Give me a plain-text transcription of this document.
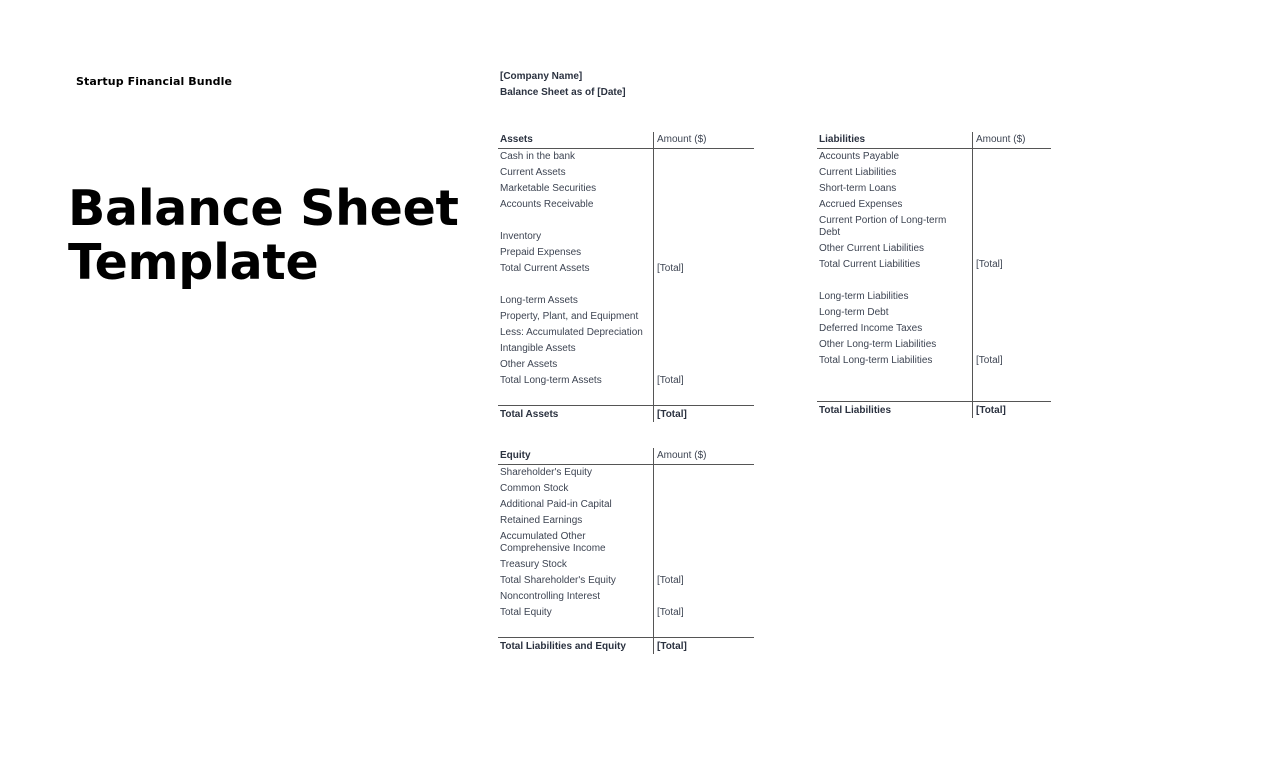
Startup Financial Bundle
Balance Sheet
Template
[Company Name]
Balance Sheet as of [Date]
Assets	Amount ($)
Cash in the bank
Current Assets
Marketable Securities
Accounts Receivable
Inventory
Prepaid Expenses
Total Current Assets	[Total]
Long-term Assets
Property, Plant, and Equipment
Less: Accumulated Depreciation
Intangible Assets
Other Assets
Total Long-term Assets	[Total]
Total Assets	[Total]
Liabilities	Amount ($)
Accounts Payable
Current Liabilities
Short-term Loans
Accrued Expenses
Current Portion of Long-term Debt
Other Current Liabilities
Total Current Liabilities	[Total]
Long-term Liabilities
Long-term Debt
Deferred Income Taxes
Other Long-term Liabilities
Total Long-term Liabilities	[Total]
Total Liabilities	[Total]
Equity	Amount ($)
Shareholder's Equity
Common Stock
Additional Paid-in Capital
Retained Earnings
Accumulated Other Comprehensive Income
Treasury Stock
Total Shareholder's Equity	[Total]
Noncontrolling Interest
Total Equity	[Total]
Total Liabilities and Equity	[Total]
